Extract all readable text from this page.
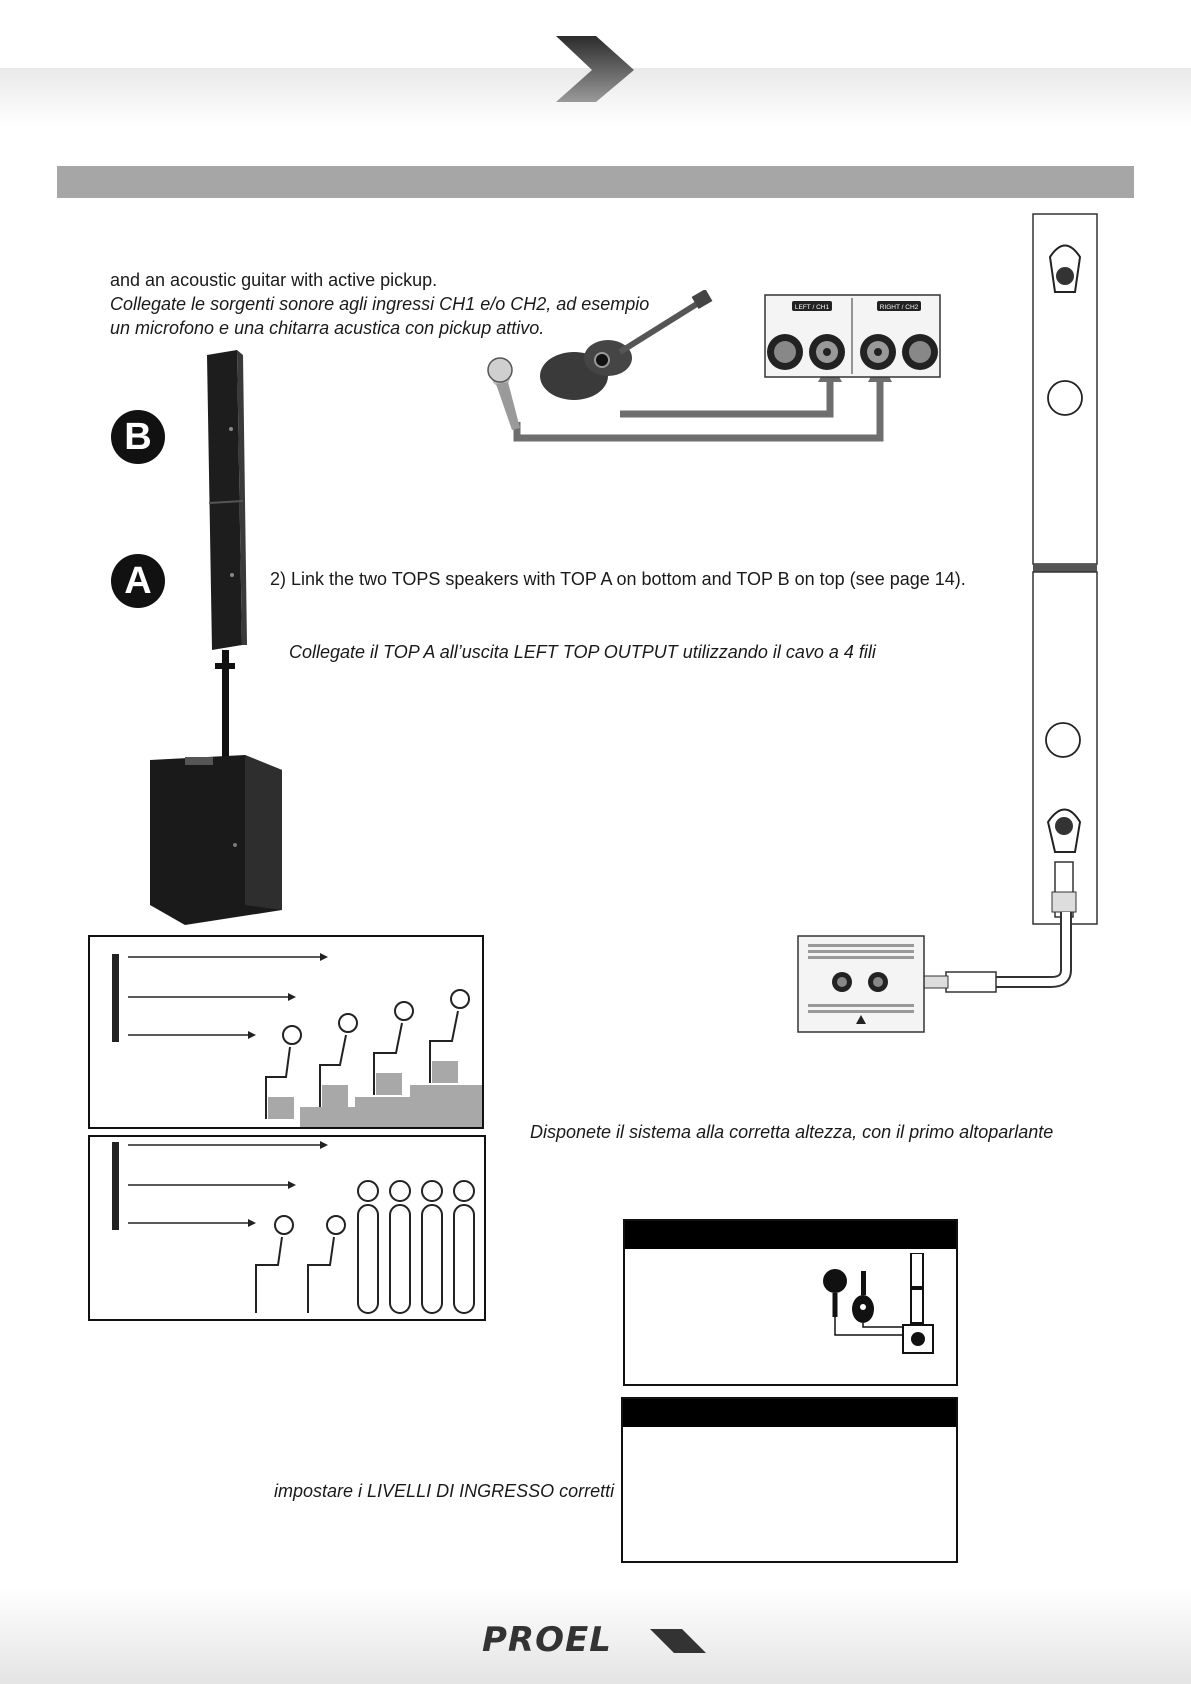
and an acoustic guitar with active pickup.
Collegate le sorgenti sonore agli ingressi CH1 e/o CH2, ad esempio
un microfono e una chitarra acustica con pickup attivo.
B
A
LEFT / CH1	RIGHT / CH2
2) Link the two TOPS speakers with TOP A on bottom and TOP B on top (see page 14).
Collegate il TOP A all’uscita LEFT TOP OUTPUT utilizzando il cavo a 4 fili
Disponete il sistema alla corretta altezza, con il primo altoparlante
impostare i LIVELLI DI INGRESSO corretti
PROEL
